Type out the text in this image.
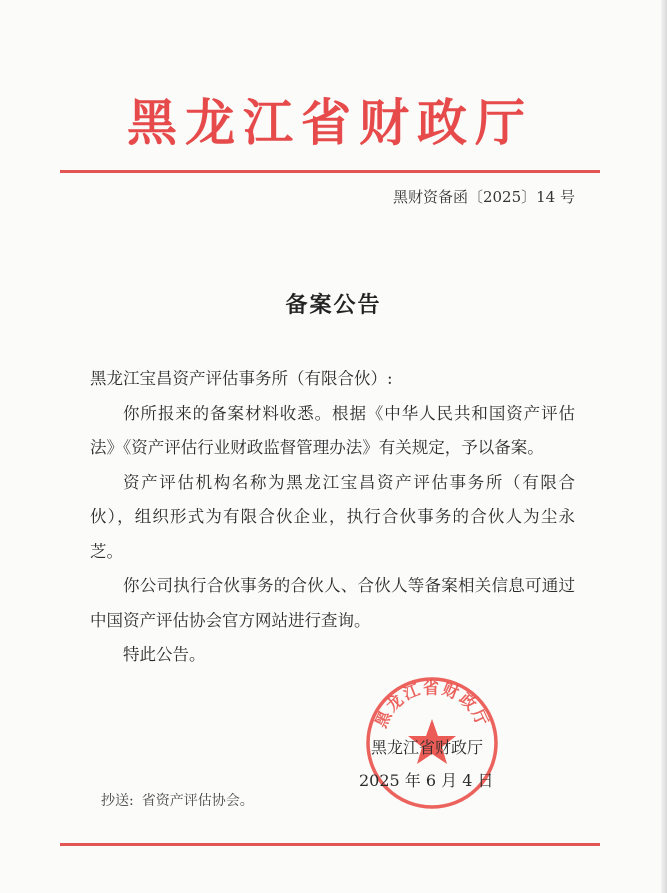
黑龙江省财政厅
黑财资备函〔2025〕14 号
备案公告

黑龙江宝昌资产评估事务所（有限合伙）:

你所报来的备案材料收悉。根据《中华人民共和国资产评估法》《资产评估行业财政监督管理办法》有关规定，予以备案。

资产评估机构名称为黑龙江宝昌资产评估事务所（有限合伙），组织形式为有限合伙企业，执行合伙事务的合伙人为尘永芝。

你公司执行合伙事务的合伙人、合伙人等备案相关信息可通过中国资产评估协会官方网站进行查询。

特此公告。

黑龙江省财政厅
黑龙江省财政厅
2025 年 6 月 4 日
抄送: 省资产评估协会。
